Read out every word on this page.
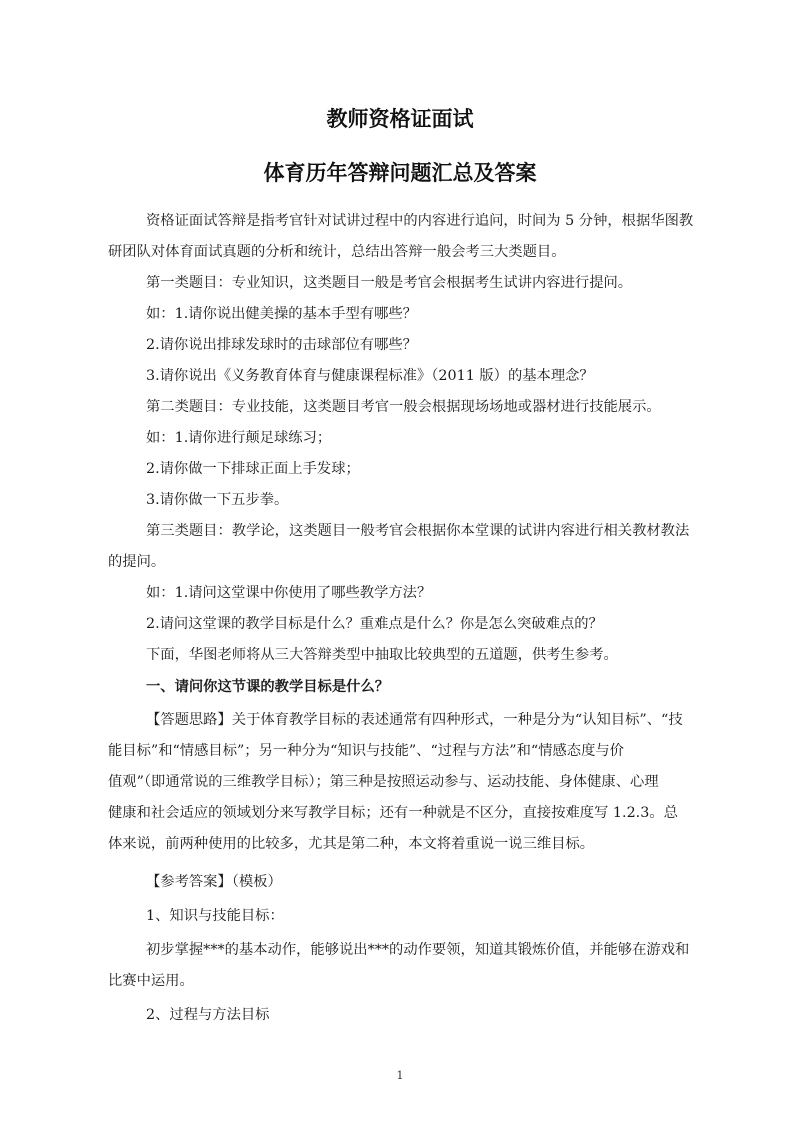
教师资格证面试
体育历年答辩问题汇总及答案
资格证面试答辩是指考官针对试讲过程中的内容进行追问，时间为 5 分钟，根据华图教
研团队对体育面试真题的分析和统计，总结出答辩一般会考三大类题目。
第一类题目：专业知识，这类题目一般是考官会根据考生试讲内容进行提问。
如：1.请你说出健美操的基本手型有哪些？
2.请你说出排球发球时的击球部位有哪些？
3.请你说出《义务教育体育与健康课程标准》（2011 版）的基本理念？
第二类题目：专业技能，这类题目考官一般会根据现场场地或器材进行技能展示。
如：1.请你进行颠足球练习；
2.请你做一下排球正面上手发球；
3.请你做一下五步拳。
第三类题目：教学论，这类题目一般考官会根据你本堂课的试讲内容进行相关教材教法
的提问。
如：1.请问这堂课中你使用了哪些教学方法？
2.请问这堂课的教学目标是什么？重难点是什么？你是怎么突破难点的？
下面，华图老师将从三大答辩类型中抽取比较典型的五道题，供考生参考。
一、请问你这节课的教学目标是什么？
【答题思路】关于体育教学目标的表述通常有四种形式，一种是分为“认知目标”、“技
能目标”和“情感目标”；另一种分为“知识与技能”、“过程与方法”和“情感态度与价
值观”（即通常说的三维教学目标）；第三种是按照运动参与、运动技能、身体健康、心理
健康和社会适应的领域划分来写教学目标；还有一种就是不区分，直接按难度写 1.2.3。总
体来说，前两种使用的比较多，尤其是第二种，本文将着重说一说三维目标。
【参考答案】（模板）
1、知识与技能目标：
初步掌握***的基本动作，能够说出***的动作要领，知道其锻炼价值，并能够在游戏和
比赛中运用。
2、过程与方法目标
1
